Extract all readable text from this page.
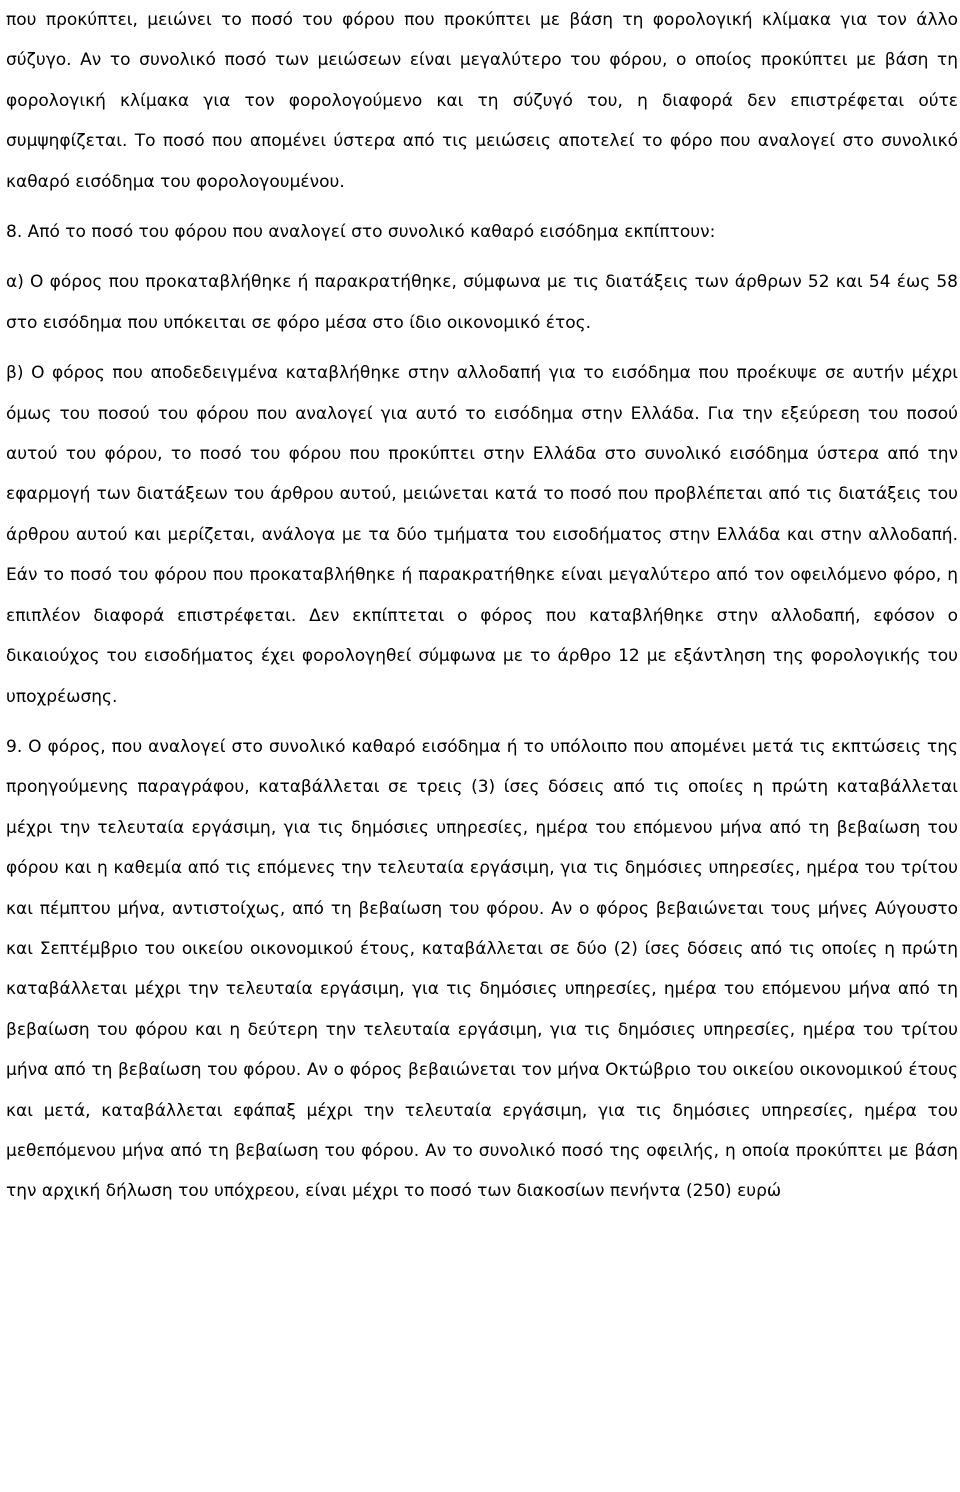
που προκύπτει, μειώνει το ποσό του φόρου που προκύπτει με βάση τη φορολογική κλίμακα για τον άλλο σύζυγο. Αν το συνολικό ποσό των μειώσεων είναι μεγαλύτερο του φόρου, ο οποίος προκύπτει με βάση τη φορολογική κλίμακα για τον φορολογούμενο και τη σύζυγό του, η διαφορά δεν επιστρέφεται ούτε συμψηφίζεται. Το ποσό που απομένει ύστερα από τις μειώσεις αποτελεί το φόρο που αναλογεί στο συνολικό καθαρό εισόδημα του φορολογουμένου.

8. Από το ποσό του φόρου που αναλογεί στο συνολικό καθαρό εισόδημα εκπίπτουν:

α) Ο φόρος που προκαταβλήθηκε ή παρακρατήθηκε, σύμφωνα με τις διατάξεις των άρθρων 52 και 54 έως 58 στο εισόδημα που υπόκειται σε φόρο μέσα στο ίδιο οικονομικό έτος.

β) Ο φόρος που αποδεδειγμένα καταβλήθηκε στην αλλοδαπή για το εισόδημα που προέκυψε σε αυτήν μέχρι όμως του ποσού του φόρου που αναλογεί για αυτό το εισόδημα στην Ελλάδα. Για την εξεύρεση του ποσού αυτού του φόρου, το ποσό του φόρου που προκύπτει στην Ελλάδα στο συνολικό εισόδημα ύστερα από την εφαρμογή των διατάξεων του άρθρου αυτού, μειώνεται κατά το ποσό που προβλέπεται από τις διατάξεις του άρθρου αυτού και μερίζεται, ανάλογα με τα δύο τμήματα του εισοδήματος στην Ελλάδα και στην αλλοδαπή. Εάν το ποσό του φόρου που προκαταβλήθηκε ή παρακρατήθηκε είναι μεγαλύτερο από τον οφειλόμενο φόρο, η επιπλέον διαφορά επιστρέφεται. Δεν εκπίπτεται ο φόρος που καταβλήθηκε στην αλλοδαπή, εφόσον ο δικαιούχος του εισοδήματος έχει φορολογηθεί σύμφωνα με το άρθρο 12 με εξάντληση της φορολογικής του υποχρέωσης.

9. Ο φόρος, που αναλογεί στο συνολικό καθαρό εισόδημα ή το υπόλοιπο που απομένει μετά τις εκπτώσεις της προηγούμενης παραγράφου, καταβάλλεται σε τρεις (3) ίσες δόσεις από τις οποίες η πρώτη καταβάλλεται μέχρι την τελευταία εργάσιμη, για τις δημόσιες υπηρεσίες, ημέρα του επόμενου μήνα από τη βεβαίωση του φόρου και η καθεμία από τις επόμενες την τελευταία εργάσιμη, για τις δημόσιες υπηρεσίες, ημέρα του τρίτου και πέμπτου μήνα, αντιστοίχως, από τη βεβαίωση του φόρου. Αν ο φόρος βεβαιώνεται τους μήνες Αύγουστο και Σεπτέμβριο του οικείου οικονομικού έτους, καταβάλλεται σε δύο (2) ίσες δόσεις από τις οποίες η πρώτη καταβάλλεται μέχρι την τελευταία εργάσιμη, για τις δημόσιες υπηρεσίες, ημέρα του επόμενου μήνα από τη βεβαίωση του φόρου και η δεύτερη την τελευταία εργάσιμη, για τις δημόσιες υπηρεσίες, ημέρα του τρίτου μήνα από τη βεβαίωση του φόρου. Αν ο φόρος βεβαιώνεται τον μήνα Οκτώβριο του οικείου οικονομικού έτους και μετά, καταβάλλεται εφάπαξ μέχρι την τελευταία εργάσιμη, για τις δημόσιες υπηρεσίες, ημέρα του μεθεπόμενου μήνα από τη βεβαίωση του φόρου. Αν το συνολικό ποσό της οφειλής, η οποία προκύπτει με βάση την αρχική δήλωση του υπόχρεου, είναι μέχρι το ποσό των διακοσίων πενήντα (250) ευρώ
